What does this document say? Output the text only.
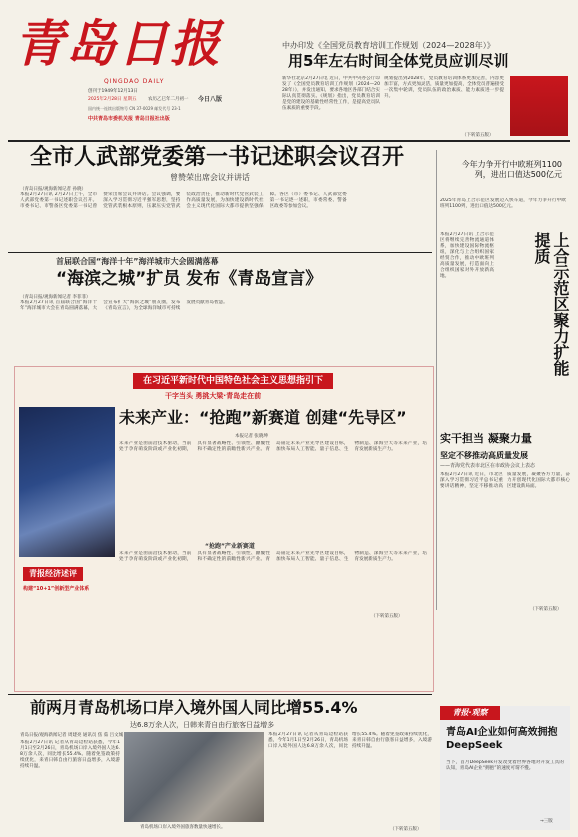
青岛日报
QINGDAO DAILY
创刊于1949年12月13日
2025年2月28日 星期五	农历乙巳年二月初一 今日八版
国内统一连续出版物号 CN 37-0029 邮发代号 23-1
中共青岛市委机关报 青岛日报社出版
中办印发《全国党员教育培训工作规划（2024—2028年）》
用5年左右时间全体党员应训尽训
新华社北京2月27日电 近日，中共中央办公厅印发了《全国党员教育培训工作规划（2024—2028年）》，并发出通知，要求各地区各部门结合实际认真贯彻落实。《规划》指出，党员教育培训是党的建设的基础性经常性工作，是提高党员队伍素质的重要手段。
规划提出到2028年，党员教育培训体系更加完善，内容更加丰富，方式更加灵活，质量更加提高，全体党员普遍接受一次集中轮训，党员队伍的政治素质、能力素质进一步提升。
（下转第五版）
全市人武部党委第一书记述职会议召开
曾赞荣出席会议并讲话
（青岛日报/观海新闻记者 孙晓）
本报2月27日讯 2月27日上午，全市人武部党委第一书记述职会议召开。市委书记、市警备区党委第一书记曾赞荣出席会议并讲话。会议强调，要深入学习贯彻习近平强军思想，坚持党管武装根本原则，压紧压实党管武装政治责任，推动新时代党管武装工作高质量发展，为加快建设新时代社会主义现代化国际大都市提供坚强保障。各区（市）委书记、人武部党委第一书记逐一述职，市委常委、警备区政委等参加会议。
今年力争开行中欧班列1100列，进出口值达500亿元
2025年青岛上合示范区发展迈入快车道，今年力争开行中欧班列1100列，进出口值达500亿元。
上合示范区聚力扩能提质
本报2月27日讯 上合示范区将继续完善物流通道体系，加快建设国际物流枢纽，深化与上合组织国家经贸合作，推动中欧班列高质量发展，打造面向上合组织国家对外开放新高地。
首届联合国“海洋十年”海洋城市大会圆满落幕
“海滨之城”扩员 发布《青岛宣言》
（青岛日报/观海新闻记者 李菲菲）
本报2月27日讯 首届联合国“海洋十年”海洋城市大会在青岛圆满落幕，大会宣布扩大“海滨之城”朋友圈，发布《青岛宣言》，为全球海洋城市可持续发展贡献青岛智慧。
在习近平新时代中国特色社会主义思想指引下
干字当头 勇挑大梁·青岛走在前
未来产业：“抢跑”新赛道 创建“先导区”
本报记者 张晓坤
青报经济述评
构建“10+1”创新型产业体系
未来产业是由前沿技术驱动，当前处于孕育萌发阶段或产业化初期，具有显著战略性、引领性、颠覆性和不确定性的前瞻性新兴产业。青岛锚定未来产业先导区建设目标，加快布局人工智能、量子信息、生物制造、深海空天等未来产业，培育发展新质生产力。
“抢跑”产业新赛道
未来产业是由前沿技术驱动，当前处于孕育萌发阶段或产业化初期，具有显著战略性、引领性、颠覆性和不确定性的前瞻性新兴产业。青岛锚定未来产业先导区建设目标，加快布局人工智能、量子信息、生物制造、深海空天等未来产业，培育发展新质生产力。
（下转第五版）
实干担当 凝聚力量
坚定不移推动高质量发展
——青海党代表市北区在市政协会议上表态
本报2月27日讯 近日，市北区深入学习贯彻习近平总书记重要讲话精神，坚定不移推动高质量发展，凝聚各方力量，奋力开创现代化国际大都市核心区建设新局面。
（下转第五版）
前两月青岛机场口岸入境外国人同比增55.4%
达6.8万余人次，日韩来青自由行旅客日益增多
青岛日报/观海新闻记者 周建亮 通讯员 焦 茹 吕文城
本报2月27日讯 记者从青岛边检站获悉，今年1月1日至2月26日，青岛机场口岸入境外国人达6.8万余人次，同比增长55.4%。随着免签政策持续优化，来青日韩自由行旅客日益增多，入境游持续升温。
青岛机场口岸入境外国旅客数量快速增长。
本报2月27日讯 记者从青岛边检站获悉，今年1月1日至2月26日，青岛机场口岸入境外国人达6.8万余人次，同比增长55.4%。随着免签政策持续优化，来青日韩自由行旅客日益增多，入境游持续升温。
（下转第五版）
青报·观察
青岛AI企业如何高效拥抱DeepSeek
当下，首月DeepSeek开发改变着世界各地对开发工具的认知，青岛AI企业“拥抱”的速度可谓不慢。
→三版
